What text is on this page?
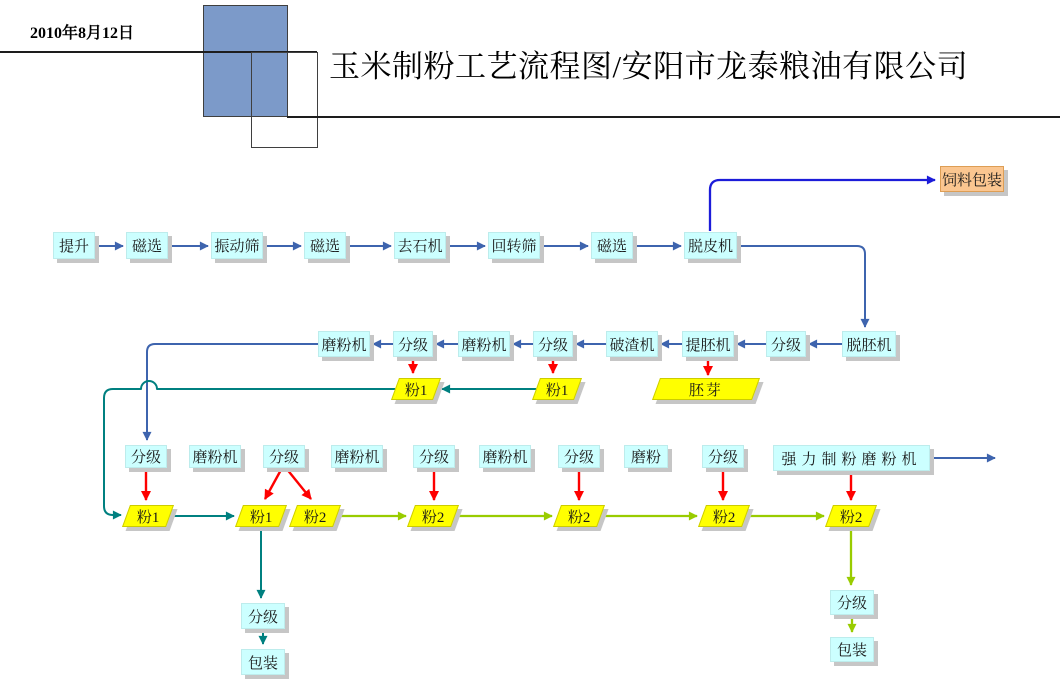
2010年8月12日
玉米制粉工艺流程图/安阳市龙泰粮油有限公司
提升	磁选	振动筛	磁选	去石机	回转筛	磁选	脱皮机
饲料包装
磨粉机 分级 磨粉机 分级	破渣机 提胚机	分级	脱胚机
粉1	粉1	胚芽
分级 磨粉机 分级 磨粉机	分级 磨粉机 分级 磨粉	分级	强力制粉磨粉机
粉1	粉1 粉2	粉2	粉2	粉2	粉2
分级
包装
分级
包装
